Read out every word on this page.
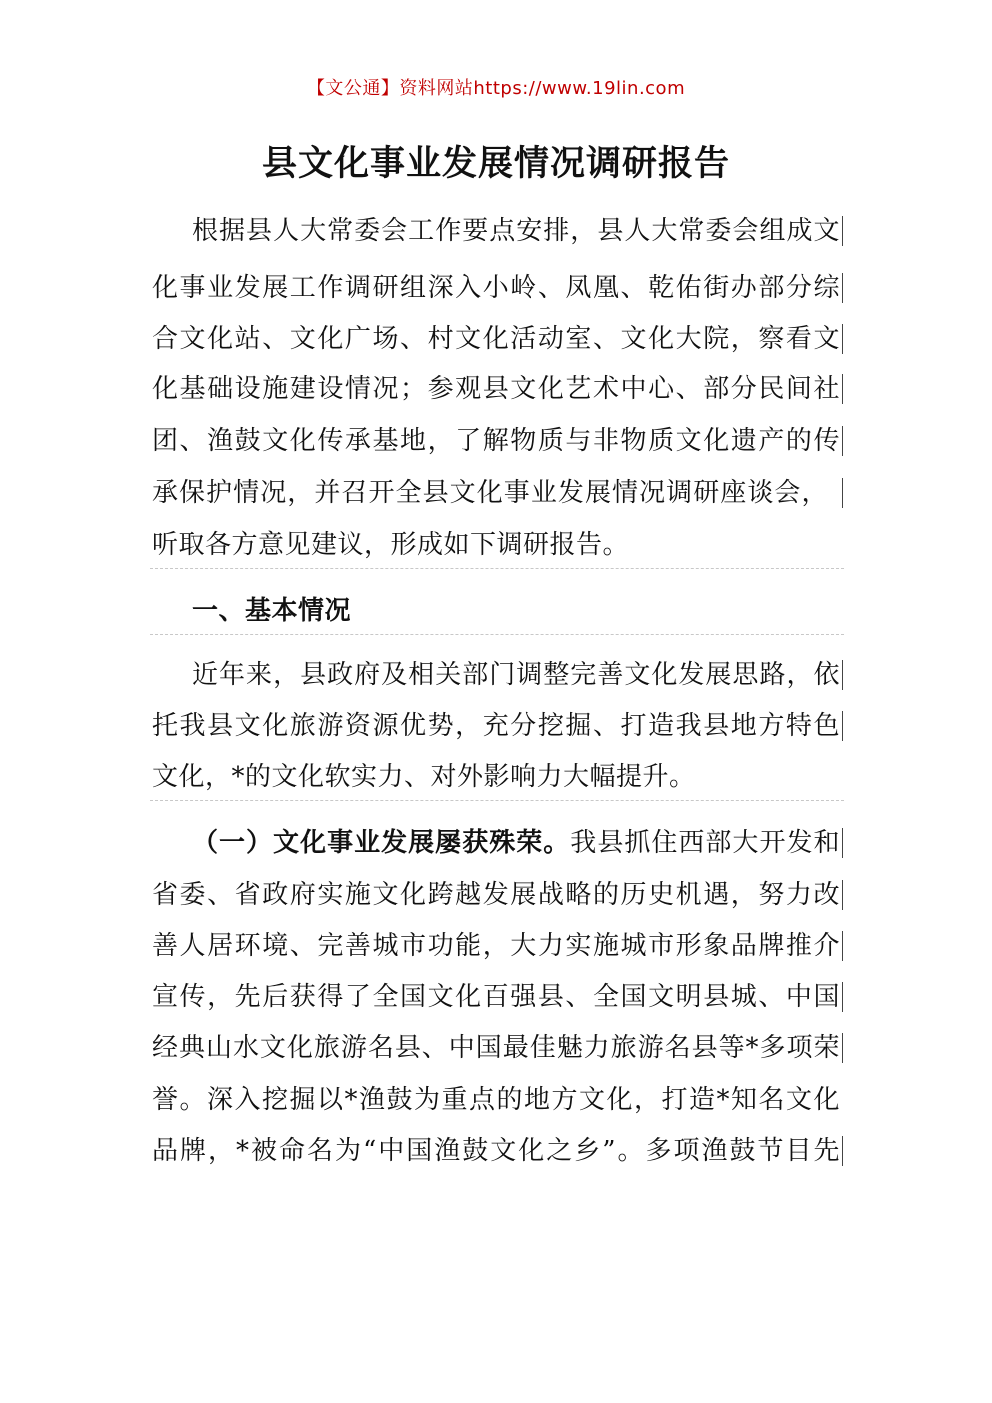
【文公通】资料网站https://www.19lin.com
县文化事业发展情况调研报告
根据县人大常委会工作要点安排，县人大常委会组成文
化事业发展工作调研组深入小岭、凤凰、乾佑街办部分综
合文化站、文化广场、村文化活动室、文化大院，察看文
化基础设施建设情况；参观县文化艺术中心、部分民间社
团、渔鼓文化传承基地，了解物质与非物质文化遗产的传
承保护情况，并召开全县文化事业发展情况调研座谈会，
听取各方意见建议，形成如下调研报告。
一、基本情况
近年来，县政府及相关部门调整完善文化发展思路，依
托我县文化旅游资源优势，充分挖掘、打造我县地方特色
文化，*的文化软实力、对外影响力大幅提升。
（一）文化事业发展屡获殊荣。我县抓住西部大开发和
省委、省政府实施文化跨越发展战略的历史机遇，努力改
善人居环境、完善城市功能，大力实施城市形象品牌推介
宣传，先后获得了全国文化百强县、全国文明县城、中国
经典山水文化旅游名县、中国最佳魅力旅游名县等*多项荣
誉。深入挖掘以*渔鼓为重点的地方文化，打造*知名文化
品牌，*被命名为“中国渔鼓文化之乡”。多项渔鼓节目先
